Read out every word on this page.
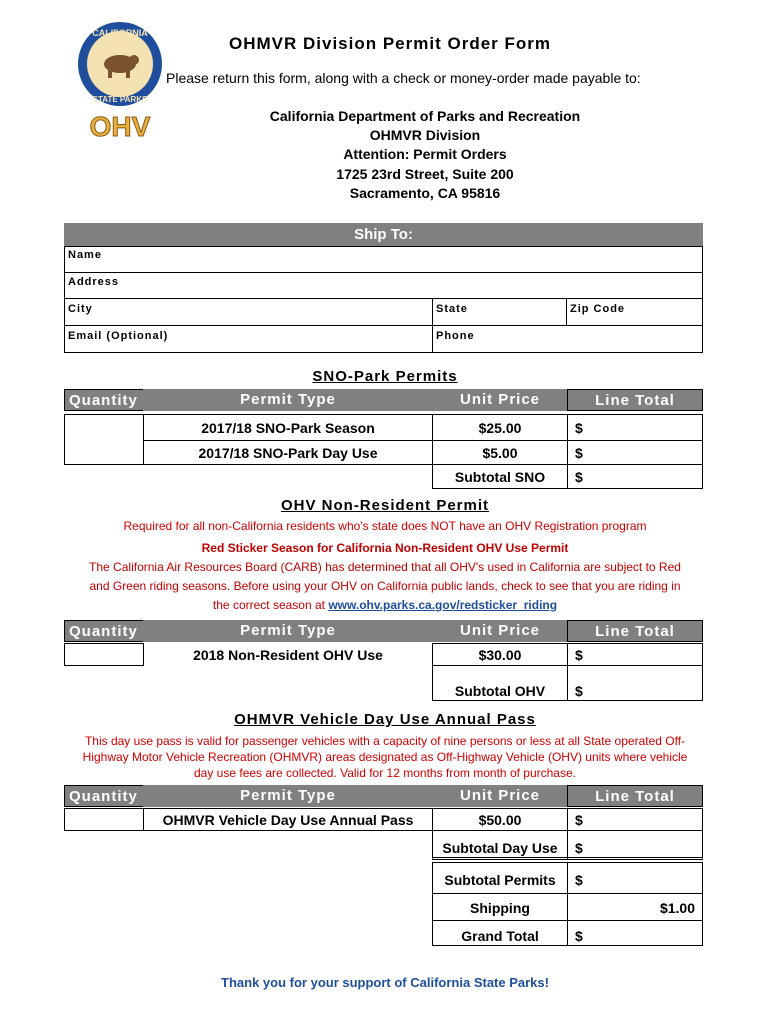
CALIFORNIA
STATE PARKS
OHV
OHMVR Division Permit Order Form
Please return this form, along with a check or money-order made payable to:
California Department of Parks and Recreation
OHMVR Division
Attention: Permit Orders
1725 23rd Street, Suite 200
Sacramento, CA 95816
Ship To:
Name
Address
City	State	Zip Code
Email (Optional)	Phone
SNO-Park Permits
Quantity	Permit Type	Unit Price	Line Total
2017/18 SNO-Park Season	$25.00	$
2017/18 SNO-Park Day Use	$5.00	$
Subtotal SNO	$
OHV Non-Resident Permit
Required for all non-California residents who's state does NOT have an OHV Registration program
Red Sticker Season for California Non-Resident OHV Use Permit
The California Air Resources Board (CARB) has determined that all OHV's used in California are subject to Red
and Green riding seasons. Before using your OHV on California public lands, check to see that you are riding in
the correct season at www.ohv.parks.ca.gov/redsticker_riding
Quantity	Permit Type	Unit Price	Line Total
2018 Non-Resident OHV Use	$30.00	$
Subtotal OHV	$
OHMVR Vehicle Day Use Annual Pass
This day use pass is valid for passenger vehicles with a capacity of nine persons or less at all State operated Off-
Highway Motor Vehicle Recreation (OHMVR) areas designated as Off-Highway Vehicle (OHV) units where vehicle
day use fees are collected. Valid for 12 months from month of purchase.
Quantity	Permit Type	Unit Price	Line Total
OHMVR Vehicle Day Use Annual Pass	$50.00	$
Subtotal Day Use	$
Subtotal Permits	$
Shipping	$1.00
Grand Total	$
Thank you for your support of California State Parks!
